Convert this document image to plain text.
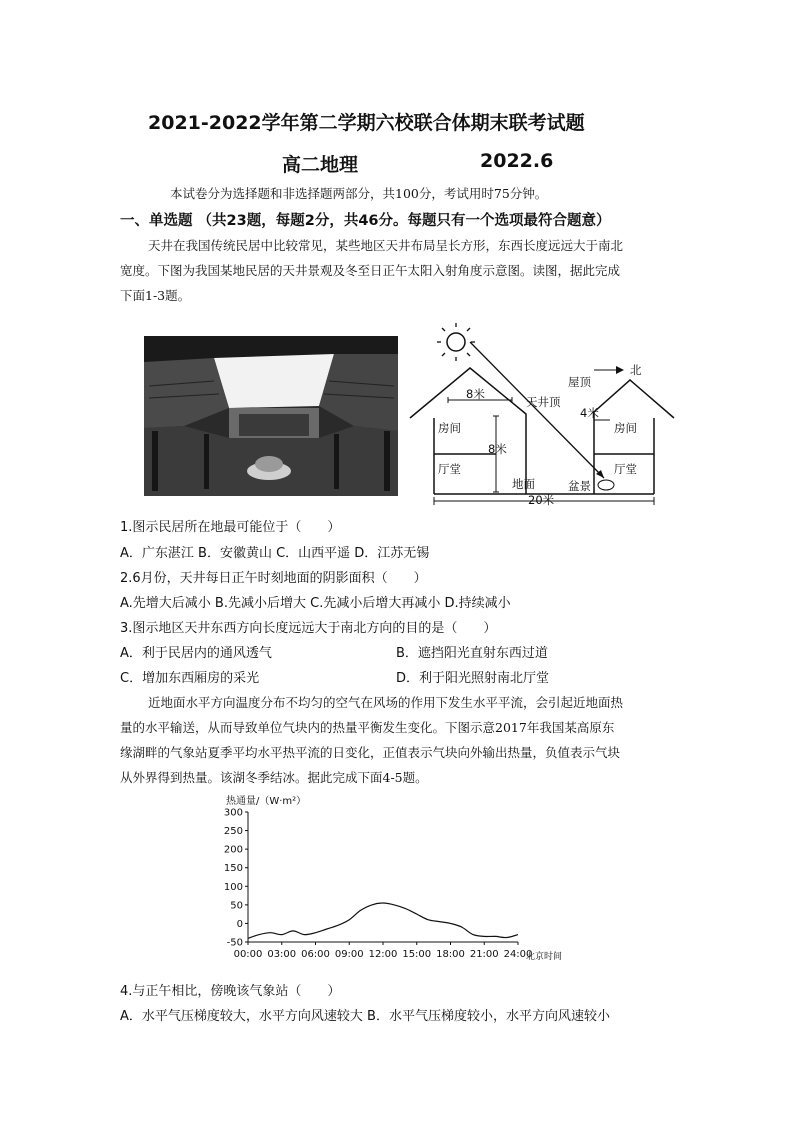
2021-2022学年第二学期六校联合体期末联考试题
高二地理	2022.6
本试卷分为选择题和非选择题两部分，共100分，考试用时75分钟。
一、单选题 （共23题，每题2分，共46分。每题只有一个选项最符合题意）
天井在我国传统民居中比较常见，某些地区天井布局呈长方形，东西长度远远大于南北
宽度。下图为我国某地民居的天井景观及冬至日正午太阳入射角度示意图。读图，据此完成
下面1-3题。
北
屋顶
天井顶
8米
4米
8米
房间
厅堂
房间
厅堂
地面	盆景
20米
1.图示民居所在地最可能位于（　　）
A．广东湛江 B．安徽黄山 C．山西平遥 D．江苏无锡
2.6月份，天井每日正午时刻地面的阴影面积（　　）
A.先增大后减小 B.先减小后增大 C.先减小后增大再减小 D.持续减小
3.图示地区天井东西方向长度远远大于南北方向的目的是（　　）
A．利于民居内的通风透气	B．遮挡阳光直射东西过道
C．增加东西厢房的采光	D．利于阳光照射南北厅堂
近地面水平方向温度分布不均匀的空气在风场的作用下发生水平平流，会引起近地面热
量的水平输送，从而导致单位气块内的热量平衡发生变化。下图示意2017年我国某高原东
缘湖畔的气象站夏季平均水平热平流的日变化，正值表示气块向外输出热量，负值表示气块
从外界得到热量。该湖冬季结冰。据此完成下面4-5题。
热通量/（W·m²）
北京时间
300
250
200
150
100
50
0
-50
00:00 03:00 06:00 09:00 12:00 15:00 18:00 21:00 24:00
4.与正午相比，傍晚该气象站（　　）
A．水平气压梯度较大，水平方向风速较大 B．水平气压梯度较小，水平方向风速较小
